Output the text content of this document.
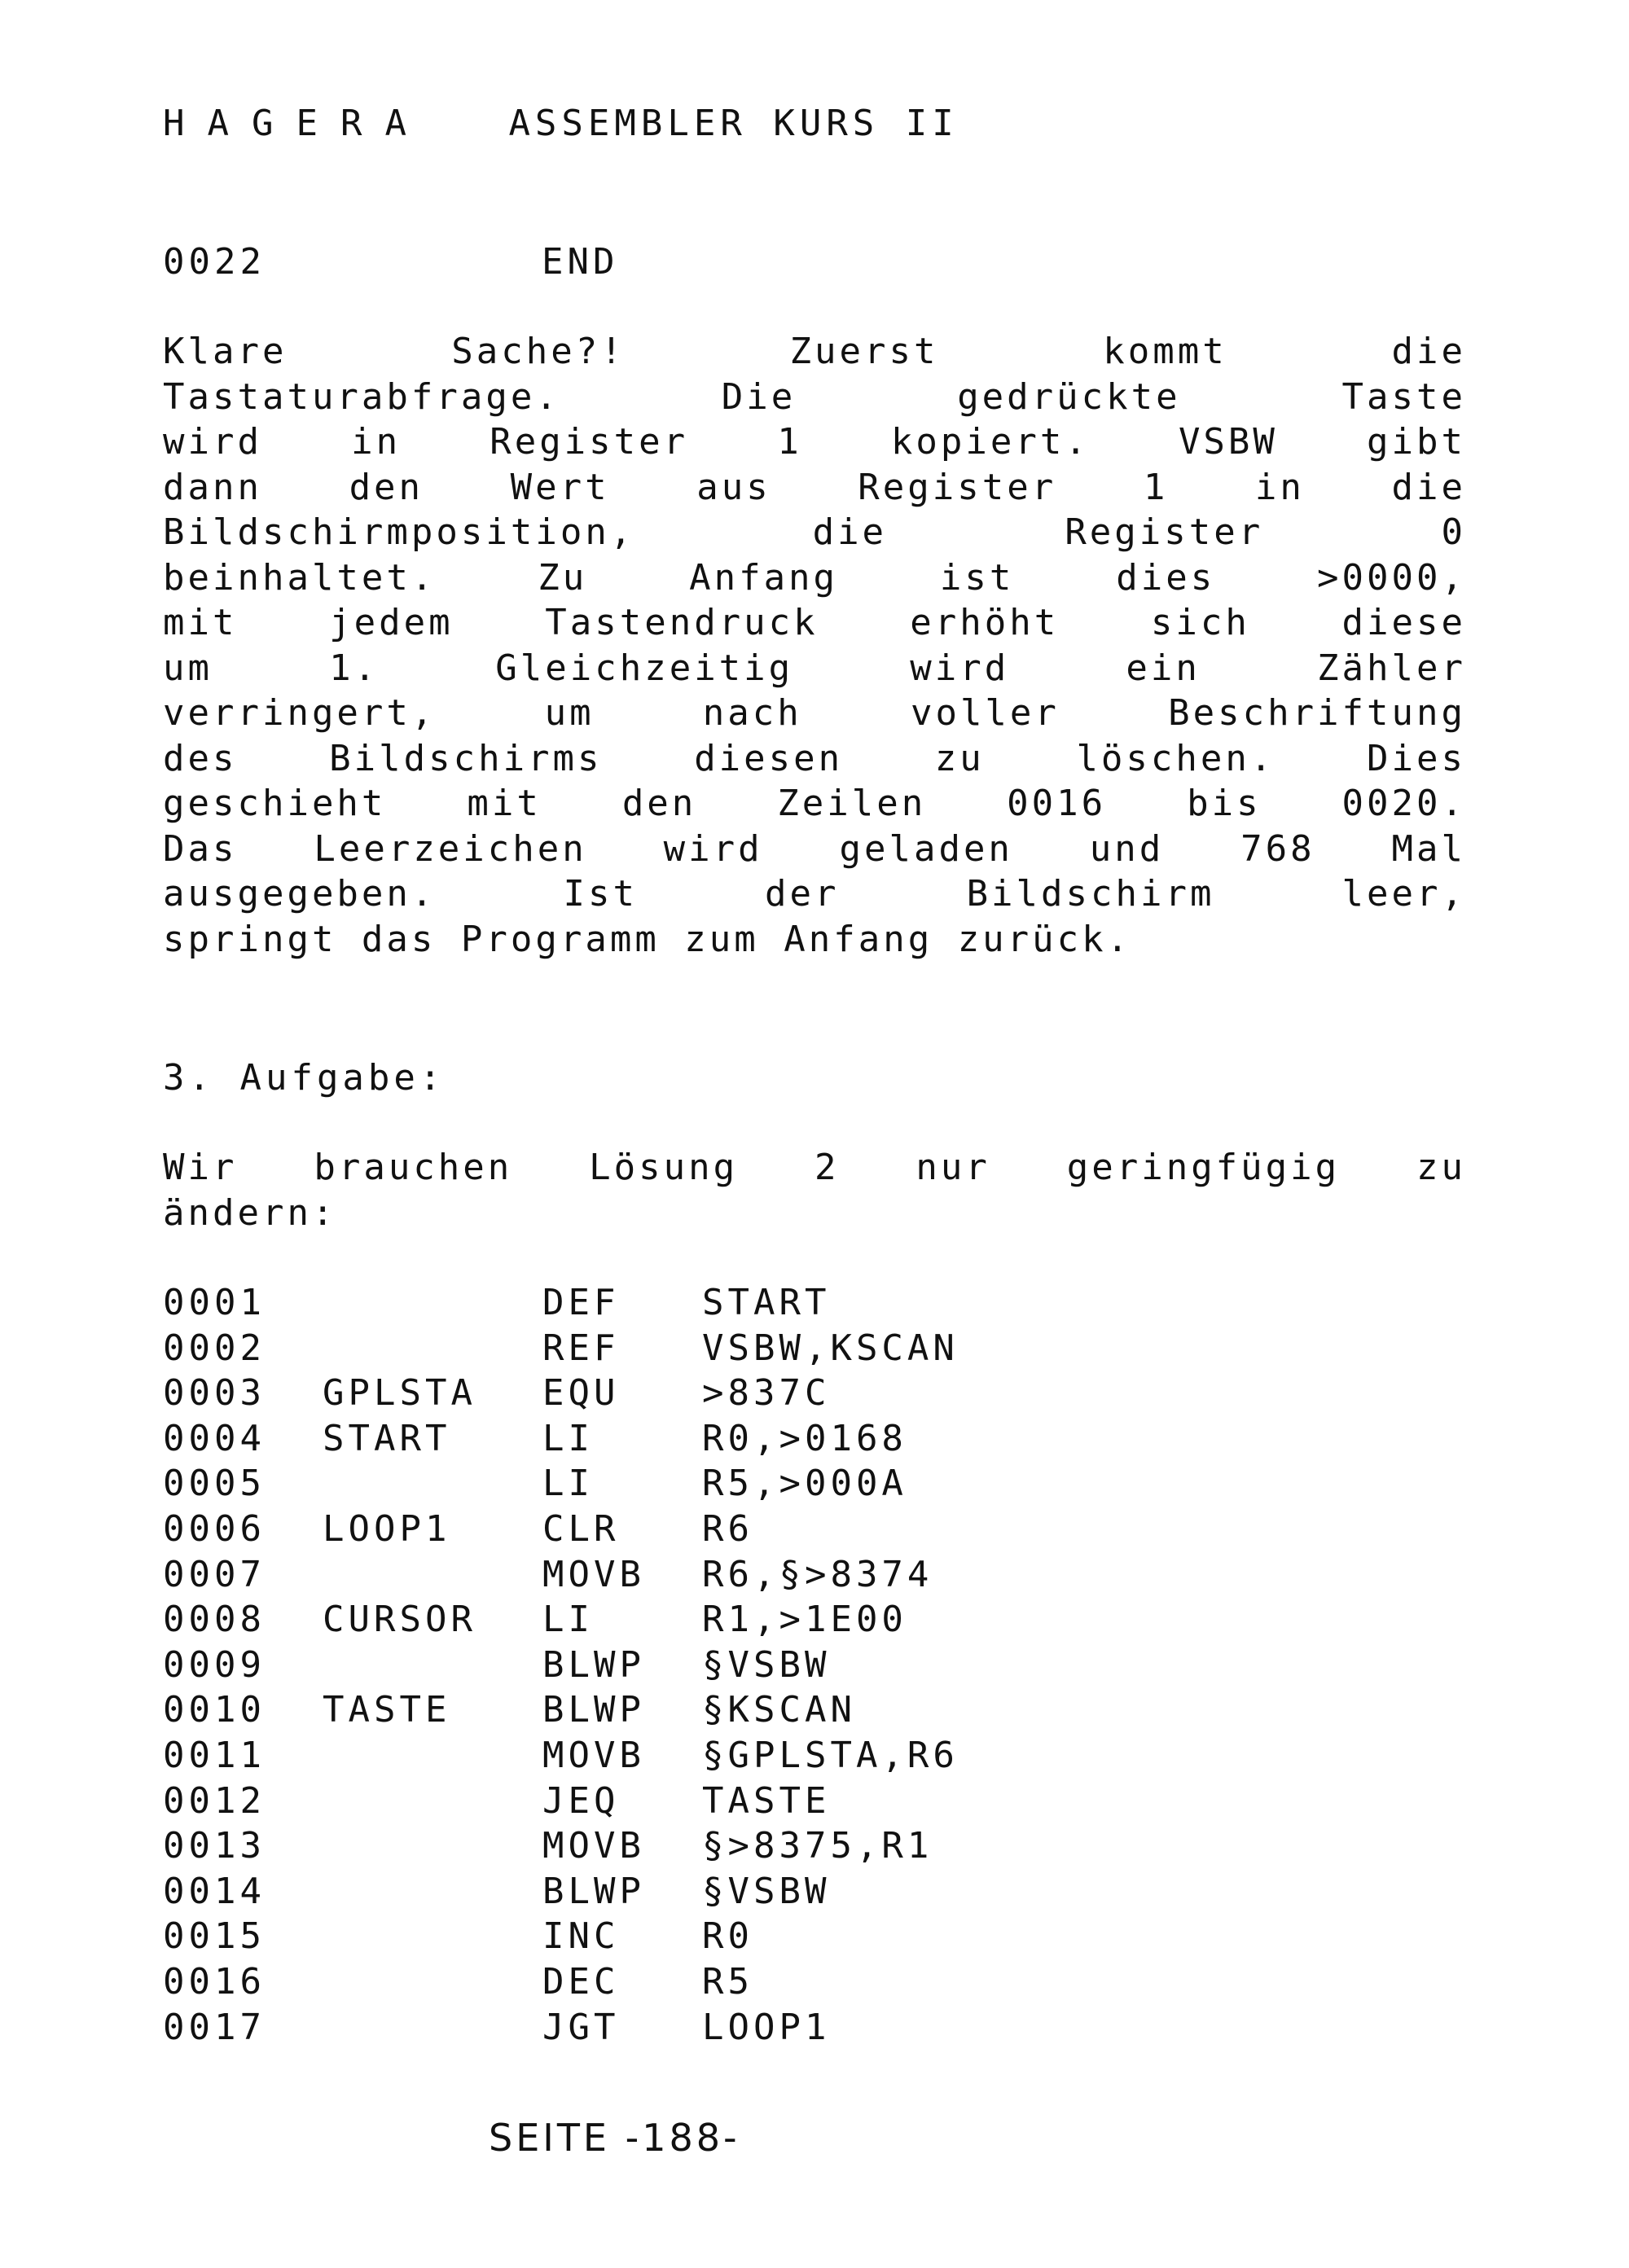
HAGERA ASSEMBLER KURS II
0022	END
Klare Sache?! Zuerst kommt die
Tastaturabfrage. Die gedrückte Taste
wird in Register 1 kopiert. VSBW gibt
dann den Wert aus Register 1 in die
Bildschirmposition, die Register 0
beinhaltet. Zu Anfang ist dies >0000,
mit jedem Tastendruck erhöht sich diese
um 1. Gleichzeitig wird ein Zähler
verringert, um nach voller Beschriftung
des Bildschirms diesen zu löschen. Dies
geschieht mit den Zeilen 0016 bis 0020.
Das Leerzeichen wird geladen und 768 Mal
ausgegeben. Ist der Bildschirm leer,
springt das Programm zum Anfang zurück.
3. Aufgabe:
Wir brauchen Lösung 2 nur geringfügig zu
ändern:
0001	DEF START
0002	REF VSBW,KSCAN
0003 GPLSTA EQU >837C
0004 START	LI	R0,>0168
0005	LI	R5,>000A
0006 LOOP1	CLR R6
0007	MOVB R6,§>8374
0008 CURSOR LI	R1,>1E00
0009	BLWP §VSBW
0010 TASTE	BLWP §KSCAN
0011	MOVB §GPLSTA,R6
0012	JEQ TASTE
0013	MOVB §>8375,R1
0014	BLWP §VSBW
0015	INC R0
0016	DEC R5
0017	JGT LOOP1
SEITE -188-
